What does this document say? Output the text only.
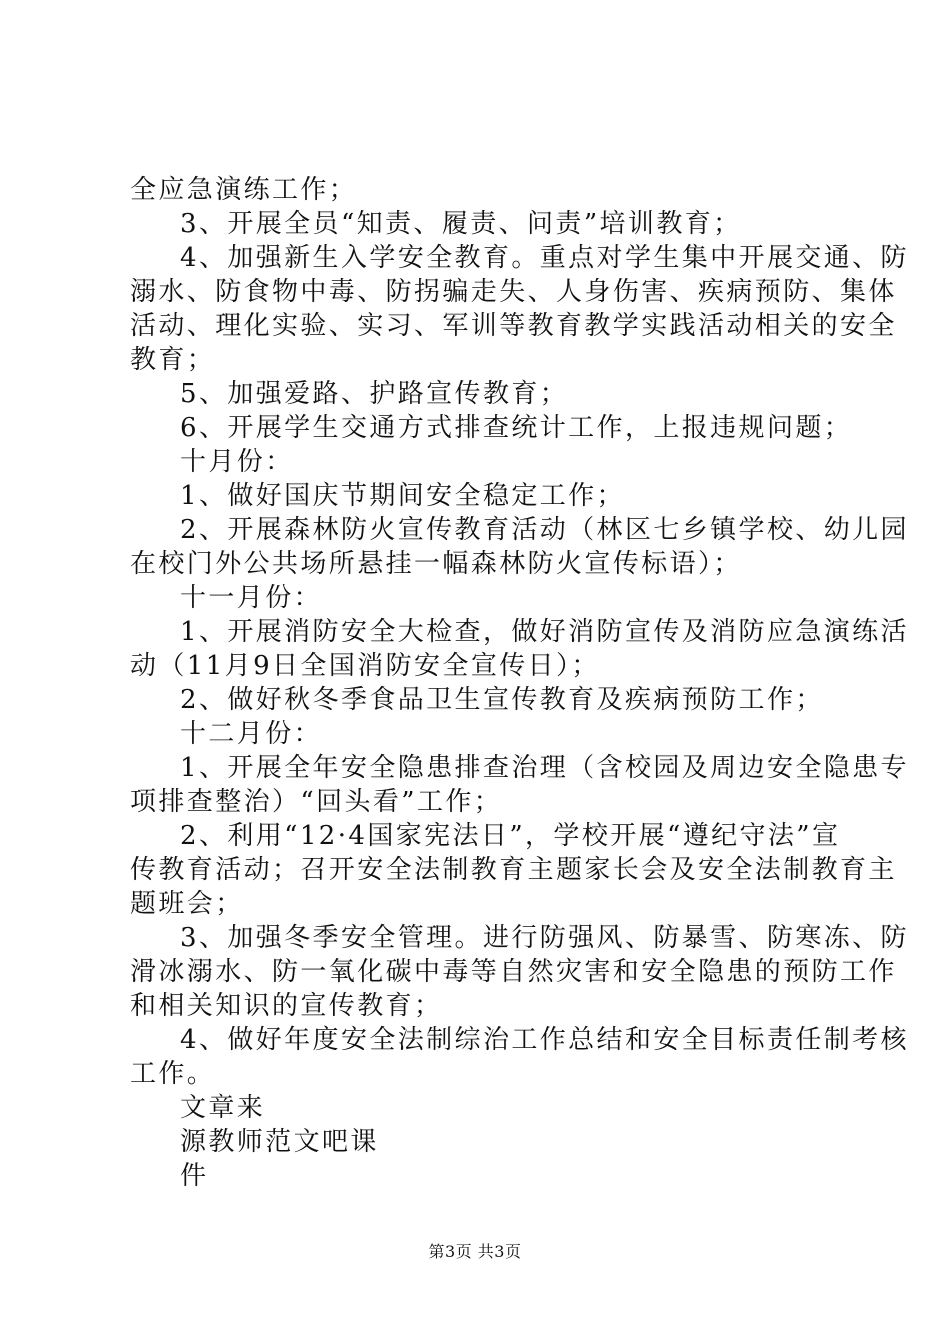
全应急演练工作；
3、开展全员“知责、履责、问责”培训教育；
4、加强新生入学安全教育。重点对学生集中开展交通、防
溺水、防食物中毒、防拐骗走失、人身伤害、疾病预防、集体
活动、理化实验、实习、军训等教育教学实践活动相关的安全
教育；
5、加强爱路、护路宣传教育；
6、开展学生交通方式排查统计工作，上报违规问题；
十月份：
1、做好国庆节期间安全稳定工作；
2、开展森林防火宣传教育活动（林区七乡镇学校、幼儿园
在校门外公共场所悬挂一幅森林防火宣传标语）；
十一月份：
1、开展消防安全大检查，做好消防宣传及消防应急演练活
动（11月9日全国消防安全宣传日）；
2、做好秋冬季食品卫生宣传教育及疾病预防工作；
十二月份：
1、开展全年安全隐患排查治理（含校园及周边安全隐患专
项排查整治）“回头看”工作；
2、利用“12·4国家宪法日”，学校开展“遵纪守法”宣
传教育活动；召开安全法制教育主题家长会及安全法制教育主
题班会；
3、加强冬季安全管理。进行防强风、防暴雪、防寒冻、防
滑冰溺水、防一氧化碳中毒等自然灾害和安全隐患的预防工作
和相关知识的宣传教育；
4、做好年度安全法制综治工作总结和安全目标责任制考核
工作。
文章来
源教师范文吧课
件
第3页 共3页
